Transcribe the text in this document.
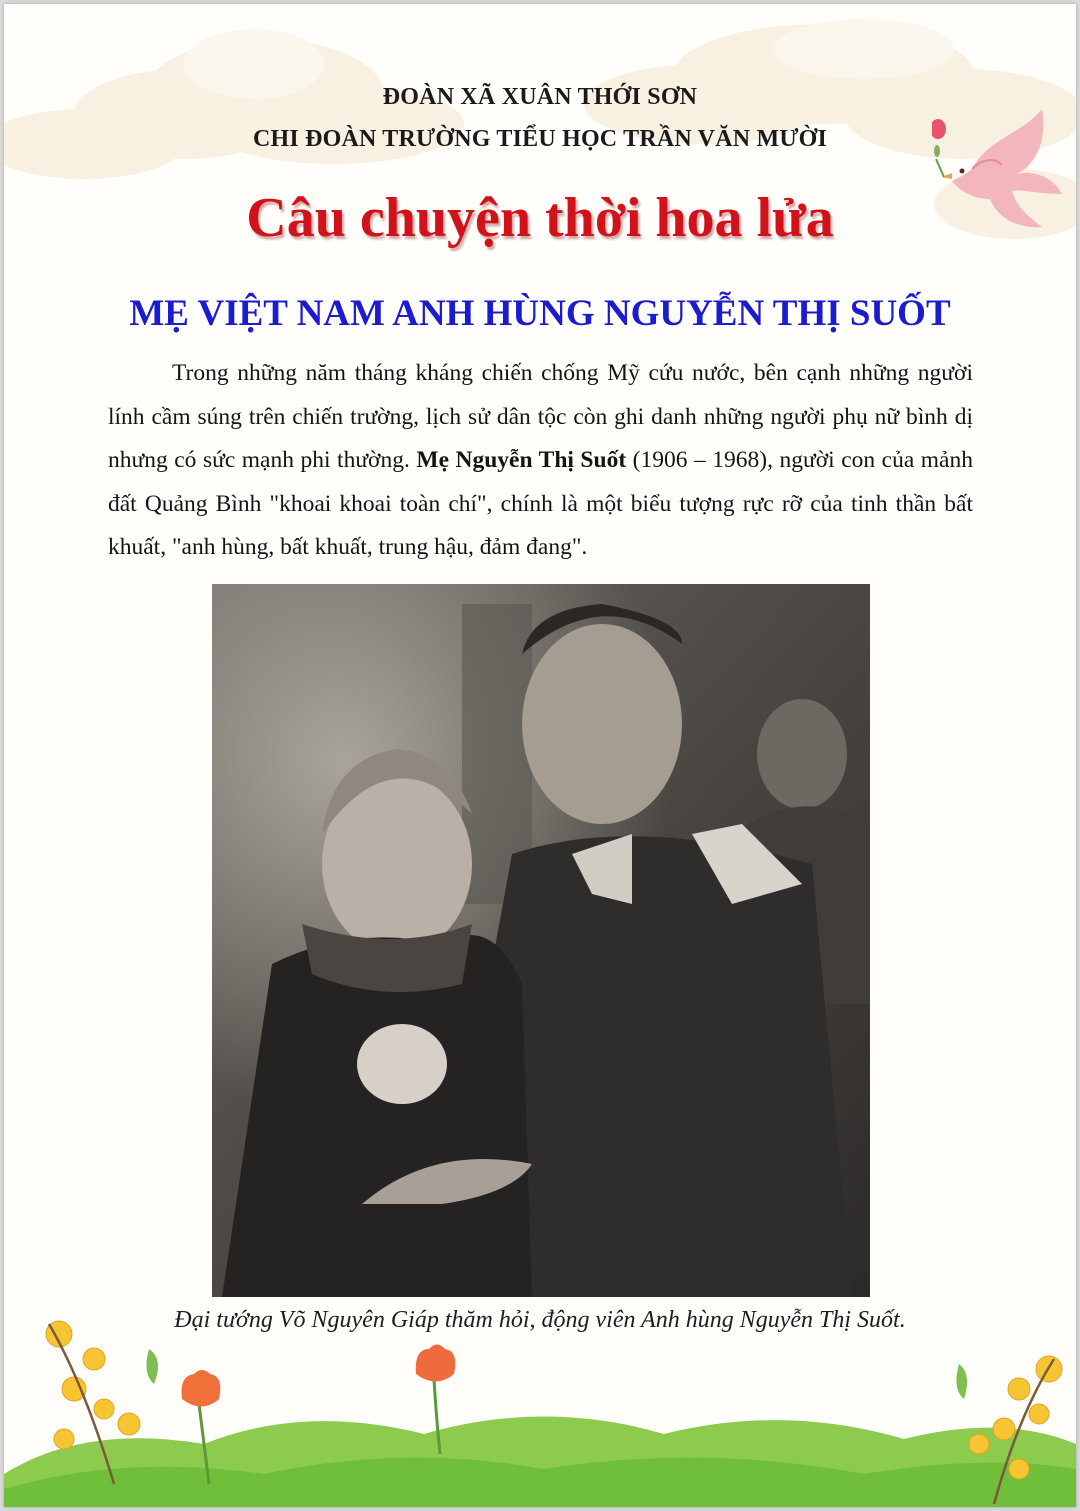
ĐOÀN XÃ XUÂN THỚI SƠN
CHI ĐOÀN TRƯỜNG TIỂU HỌC TRẦN VĂN MƯỜI
Câu chuyện thời hoa lửa
MẸ VIỆT NAM ANH HÙNG NGUYỄN THỊ SUỐT
Trong những năm tháng kháng chiến chống Mỹ cứu nước, bên cạnh những người lính cầm súng trên chiến trường, lịch sử dân tộc còn ghi danh những người phụ nữ bình dị nhưng có sức mạnh phi thường. Mẹ Nguyễn Thị Suốt (1906 – 1968), người con của mảnh đất Quảng Bình "khoai khoai toàn chí", chính là một biểu tượng rực rỡ của tinh thần bất khuất, "anh hùng, bất khuất, trung hậu, đảm đang".
Đại tướng Võ Nguyên Giáp thăm hỏi, động viên Anh hùng Nguyễn Thị Suốt.
